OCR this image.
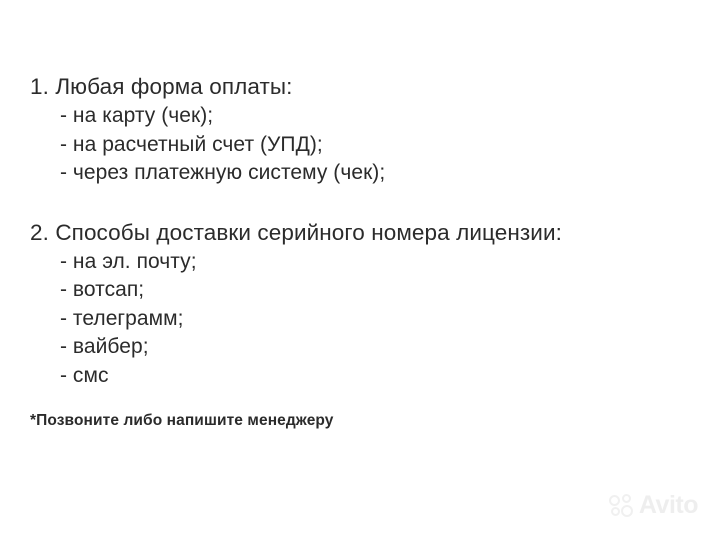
1. Любая форма оплаты:
- на карту (чек);
- на расчетный счет (УПД);
- через платежную систему (чек);
2. Способы доставки серийного номера лицензии:
- на эл. почту;
- вотсап;
- телеграмм;
- вайбер;
- смс
*Позвоните либо напишите менеджеру
Avito
